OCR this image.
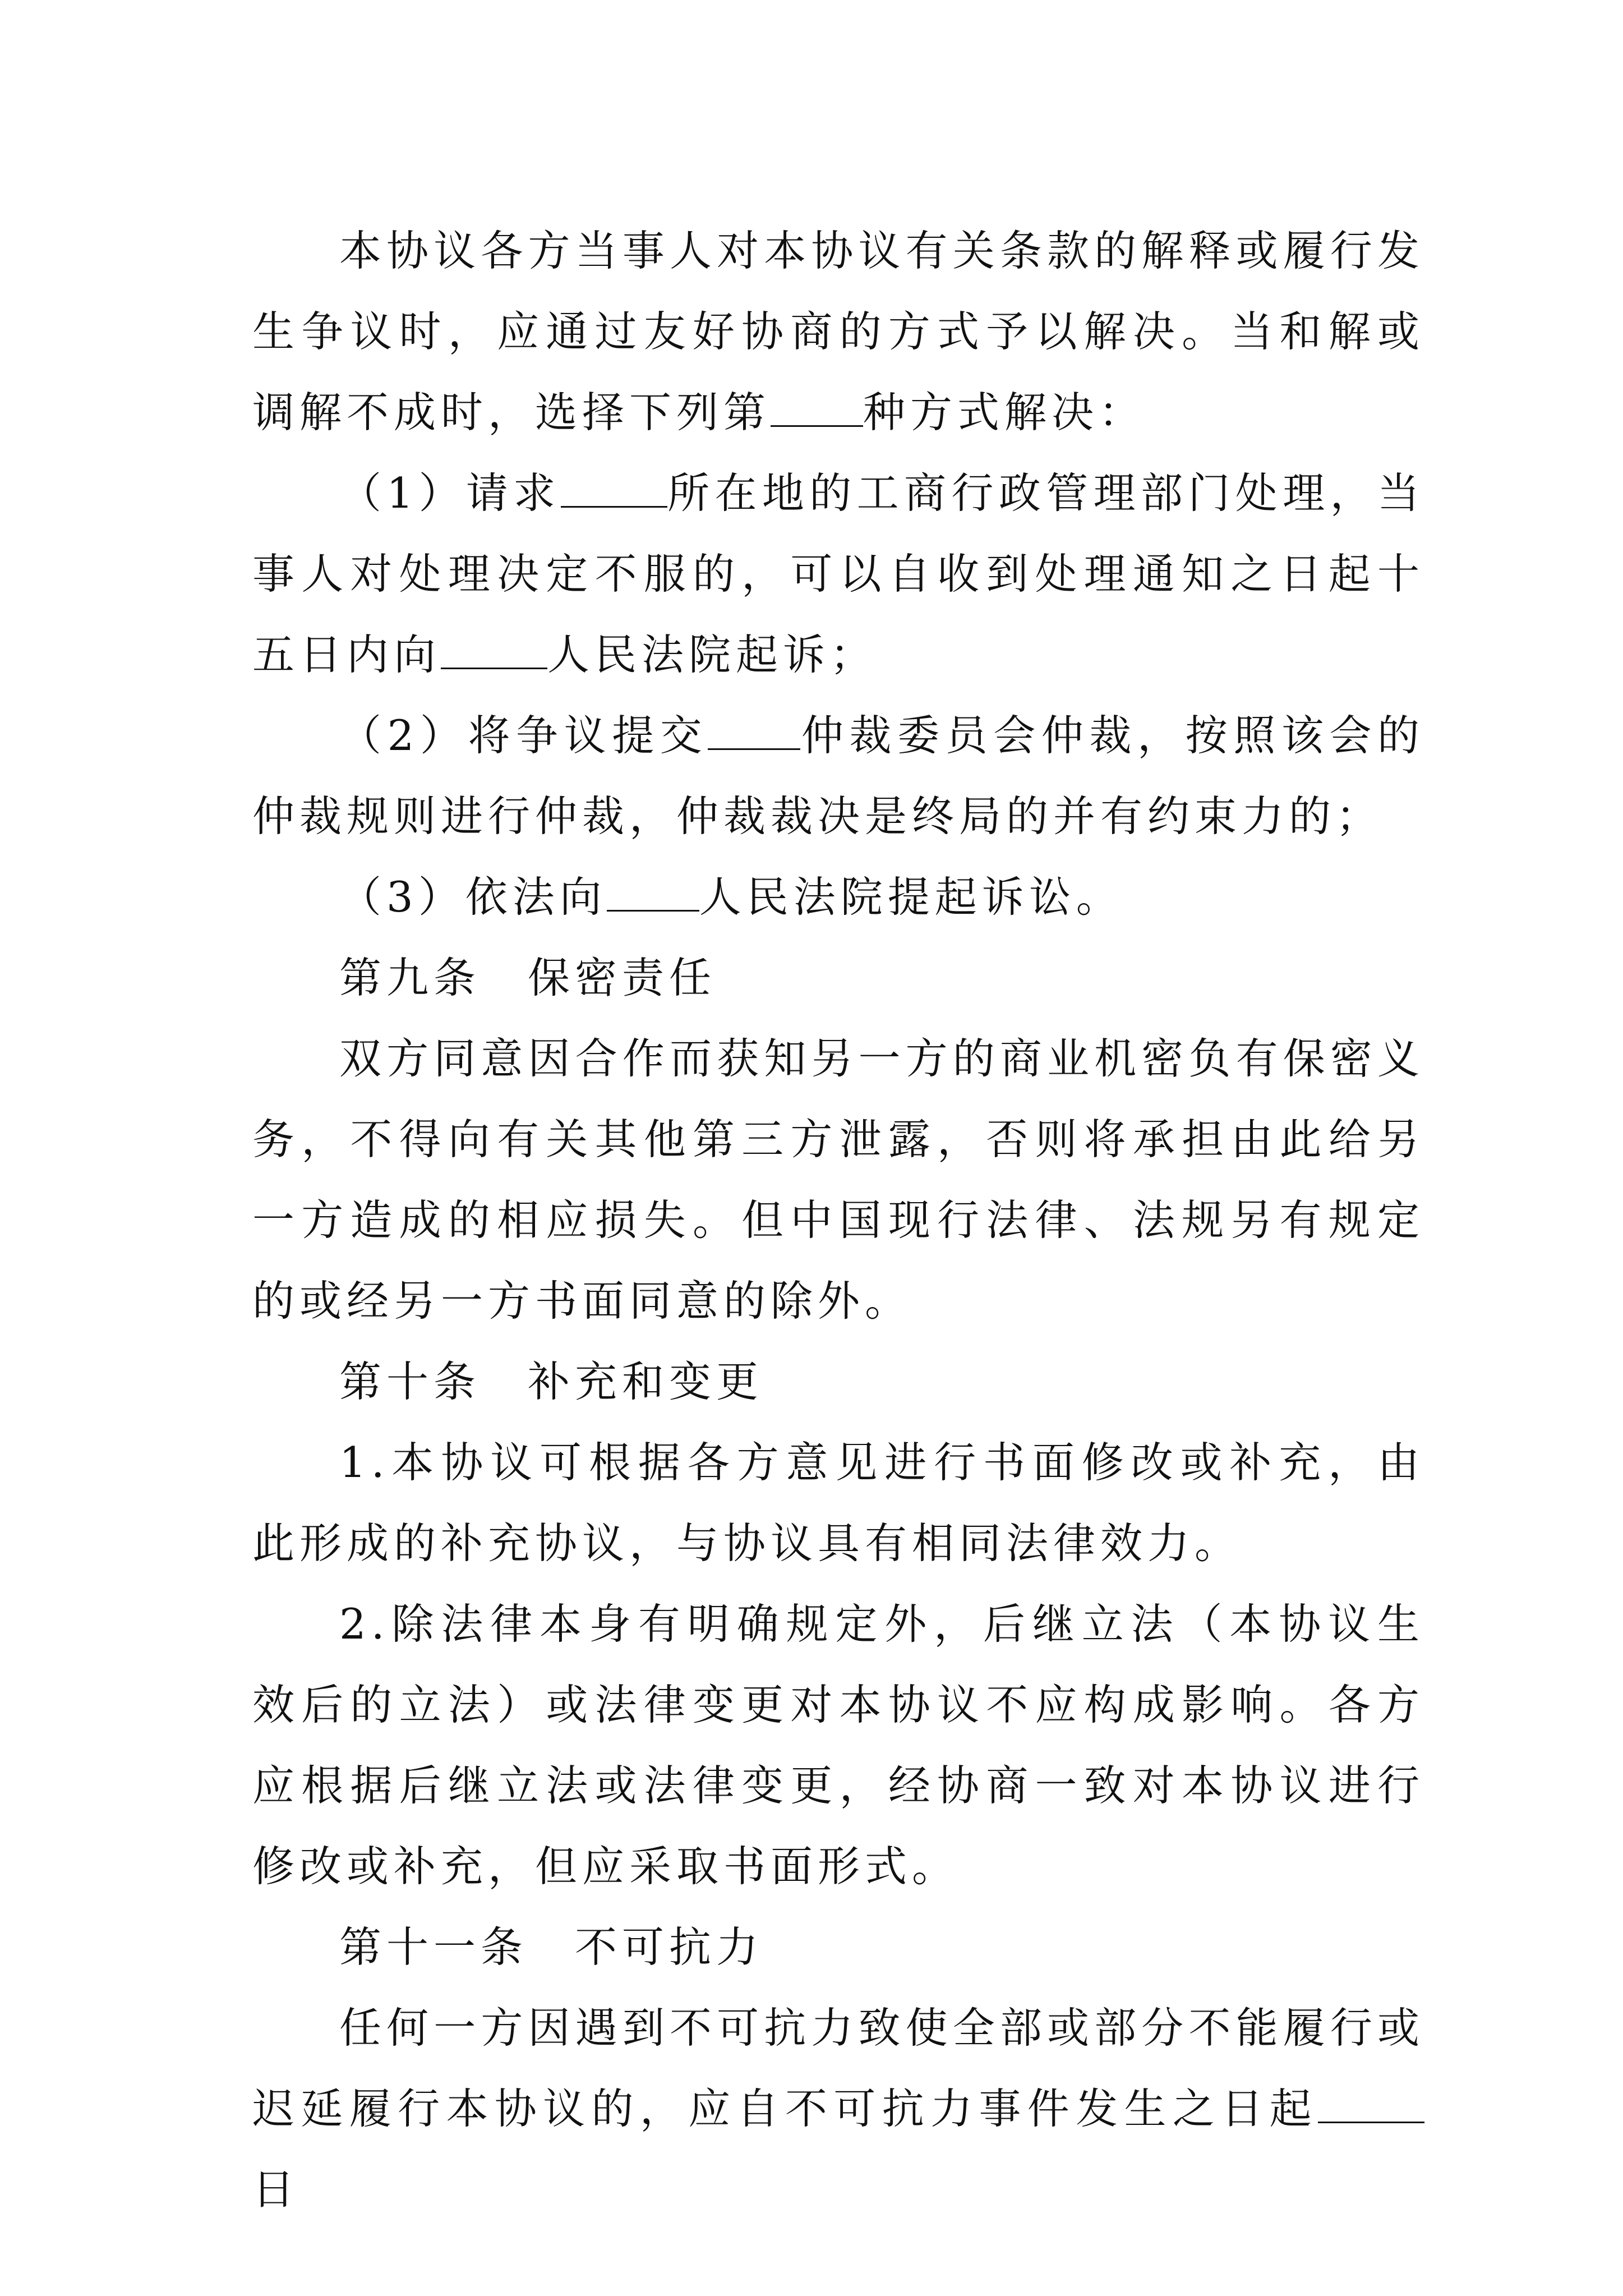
本协议各方当事人对本协议有关条款的解释或履行发生争议时，应通过友好协商的方式予以解决。当和解或调解不成时，选择下列第 种方式解决：

（1）请求	所在地的工商行政管理部门处理，当事人对处理决定不服的，可以自收到处理通知之日起十五日内向	人民法院起诉；

（2）将争议提交 仲裁委员会仲裁，按照该会的仲裁规则进行仲裁，仲裁裁决是终局的并有约束力的；

（3）依法向 人民法院提起诉讼。

第九条　保密责任

双方同意因合作而获知另一方的商业机密负有保密义务，不得向有关其他第三方泄露，否则将承担由此给另一方造成的相应损失。但中国现行法律、法规另有规定的或经另一方书面同意的除外。

第十条　补充和变更

1.本协议可根据各方意见进行书面修改或补充，由此形成的补充协议，与协议具有相同法律效力。

2.除法律本身有明确规定外，后继立法（本协议生效后的立法）或法律变更对本协议不应构成影响。各方应根据后继立法或法律变更，经协商一致对本协议进行修改或补充，但应采取书面形式。

第十一条　不可抗力

任何一方因遇到不可抗力致使全部或部分不能履行或迟延履行本协议的，应自不可抗力事件发生之日起日
